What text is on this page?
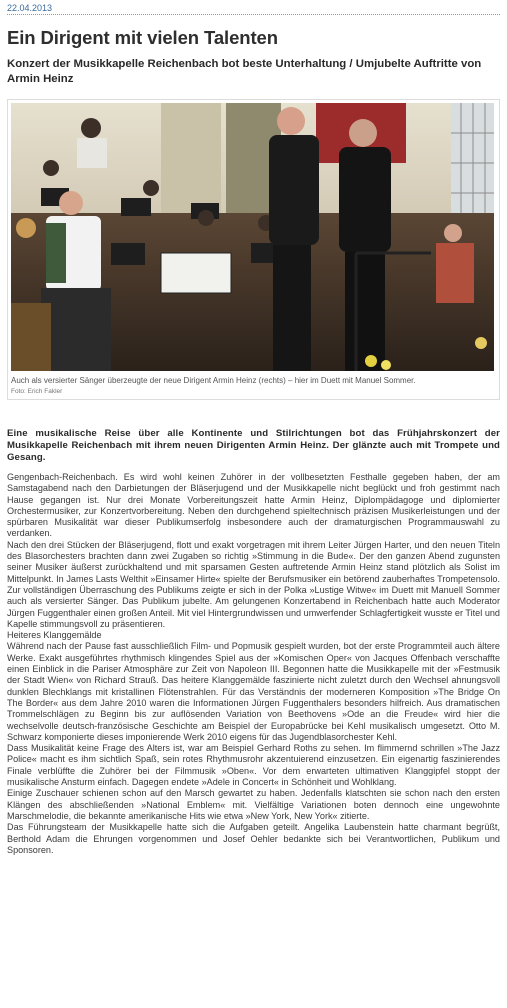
22.04.2013
Ein Dirigent mit vielen Talenten
Konzert der Musikkapelle Reichenbach bot beste Unterhaltung / Umjubelte Auftritte von Armin Heinz
Auch als versierter Sänger überzeugte der neue Dirigent Armin Heinz (rechts) – hier im Duett mit Manuel Sommer.
Foto: Erich Fakler
Eine musikalische Reise über alle Kontinente und Stilrichtungen bot das Frühjahrskonzert der Musikkapelle Reichenbach mit ihrem neuen Dirigenten Armin Heinz. Der glänzte auch mit Trompete und Gesang.

Gengenbach-Reichenbach. Es wird wohl keinen Zuhörer in der vollbesetzten Festhalle gegeben haben, der am Samstagabend nach den Darbietungen der Bläserjugend und der Musikkapelle nicht beglückt und froh gestimmt nach Hause gegangen ist. Nur drei Monate Vorbereitungszeit hatte Armin Heinz, Diplompädagoge und diplomierter Orchestermusiker, zur Konzertvorbereitung. Neben den durchgehend spieltechnisch präzisen Musikerleistungen und der spürbaren Musikalität war dieser Publikumserfolg insbesondere auch der dramaturgischen Programmauswahl zu verdanken.

Nach den drei Stücken der Bläserjugend, flott und exakt vorgetragen mit ihrem Leiter Jürgen Harter, und den neuen Titeln des Blasorchesters brachten dann zwei Zugaben so richtig »Stimmung in die Bude«. Der den ganzen Abend zugunsten seiner Musiker äußerst zurückhaltend und mit sparsamen Gesten auftretende Armin Heinz stand plötzlich als Solist im Mittelpunkt. In James Lasts Welthit »Einsamer Hirte« spielte der Berufsmusiker ein betörend zauberhaftes Trompetensolo. Zur vollständigen Überraschung des Publikums zeigte er sich in der Polka »Lustige Witwe« im Duett mit Manuell Sommer auch als versierter Sänger. Das Publikum jubelte. Am gelungenen Konzertabend in Reichenbach hatte auch Moderator Jürgen Fuggenthaler einen großen Anteil. Mit viel Hintergrundwissen und umwerfender Schlagfertigkeit wusste er Titel und Kapelle stimmungsvoll zu präsentieren.

Heiteres Klanggemälde

Während nach der Pause fast ausschließlich Film- und Popmusik gespielt wurden, bot der erste Programmteil auch ältere Werke. Exakt ausgeführtes rhythmisch klingendes Spiel aus der »Komischen Oper« von Jacques Offenbach verschaffte einen Einblick in die Pariser Atmosphäre zur Zeit von Napoleon III. Begonnen hatte die Musikkapelle mit der »Festmusik der Stadt Wien« von Richard Strauß. Das heitere Klanggemälde faszinierte nicht zuletzt durch den Wechsel ahnungsvoll dunklen Blechklangs mit kristallinen Flötenstrahlen. Für das Verständnis der moderneren Komposition »The Bridge On The Border« aus dem Jahre 2010 waren die Informationen Jürgen Fuggenthalers besonders hilfreich. Aus dramatischen Trommelschlägen zu Beginn bis zur auflösenden Variation von Beethovens »Ode an die Freude« wird hier die wechselvolle deutsch-französische Geschichte am Beispiel der Europabrücke bei Kehl musikalisch umgesetzt. Otto M. Schwarz komponierte dieses imponierende Werk 2010 eigens für das Jugendblasorchester Kehl.

Dass Musikalität keine Frage des Alters ist, war am Beispiel Gerhard Roths zu sehen. Im flimmernd schrillen »The Jazz Police« macht es ihm sichtlich Spaß, sein rotes Rhythmusrohr akzentuierend einzusetzen. Ein eigenartig faszinierendes Finale verblüffte die Zuhörer bei der Filmmusik »Oben«. Vor dem erwarteten ultimativen Klanggipfel stoppt der musikalische Ansturm einfach. Dagegen endete »Adele in Concert« in Schönheit und Wohlklang.

Einige Zuschauer schienen schon auf den Marsch gewartet zu haben. Jedenfalls klatschten sie schon nach den ersten Klängen des abschließenden »National Emblem« mit. Vielfältige Variationen boten dennoch eine ungewohnte Marschmelodie, die bekannte amerikanische Hits wie etwa »New York, New York« zitierte.

Das Führungsteam der Musikkapelle hatte sich die Aufgaben geteilt. Angelika Laubenstein hatte charmant begrüßt, Berthold Adam die Ehrungen vorgenommen und Josef Oehler bedankte sich bei Verantwortlichen, Publikum und Sponsoren.
